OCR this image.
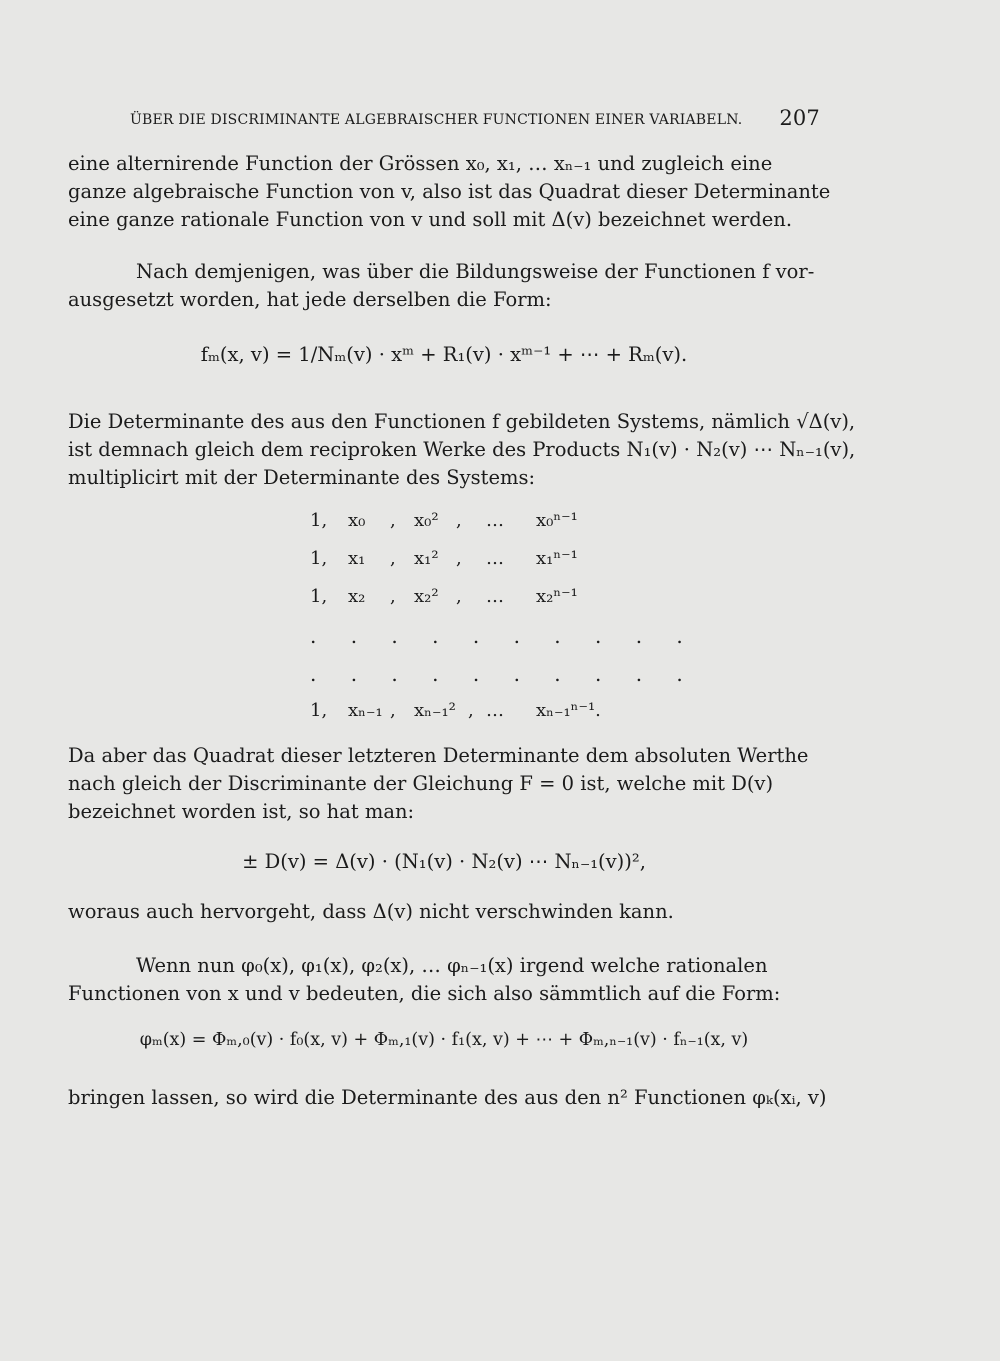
ÜBER DIE DISCRIMINANTE ALGEBRAISCHER FUNCTIONEN EINER VARIABELN. 207
eine alternirende Function der Grössen x₀, x₁, … xₙ₋₁ und zugleich eine
ganze algebraische Function von v, also ist das Quadrat dieser Determinante
eine ganze rationale Function von v und soll mit Δ(v) bezeichnet werden.
Nach demjenigen, was über die Bildungsweise der Functionen f vor-
ausgesetzt worden, hat jede derselben die Form:
fₘ(x, v) = 1/Nₘ(v) · xᵐ + R₁(v) · xᵐ⁻¹ + ⋯ + Rₘ(v).
Die Determinante des aus den Functionen f gebildeten Systems, nämlich √Δ(v),
ist demnach gleich dem reciproken Werke des Products N₁(v) · N₂(v) ⋯ Nₙ₋₁(v),
multiplicirt mit der Determinante des Systems:
1, x₀ , x₀² , … x₀ⁿ⁻¹
1, x₁ , x₁² , … x₁ⁿ⁻¹
1, x₂ , x₂² , … x₂ⁿ⁻¹
. . . . . . . . . .
. . . . . . . . . .
1, xₙ₋₁ , xₙ₋₁² , … xₙ₋₁ⁿ⁻¹.
Da aber das Quadrat dieser letzteren Determinante dem absoluten Werthe
nach gleich der Discriminante der Gleichung F = 0 ist, welche mit D(v)
bezeichnet worden ist, so hat man:
± D(v) = Δ(v) · (N₁(v) · N₂(v) ⋯ Nₙ₋₁(v))²,
woraus auch hervorgeht, dass Δ(v) nicht verschwinden kann.
Wenn nun φ₀(x), φ₁(x), φ₂(x), … φₙ₋₁(x) irgend welche rationalen
Functionen von x und v bedeuten, die sich also sämmtlich auf die Form:
φₘ(x) = Φₘ,₀(v) · f₀(x, v) + Φₘ,₁(v) · f₁(x, v) + ⋯ + Φₘ,ₙ₋₁(v) · fₙ₋₁(x, v)
bringen lassen, so wird die Determinante des aus den n² Functionen φₖ(xᵢ, v)
